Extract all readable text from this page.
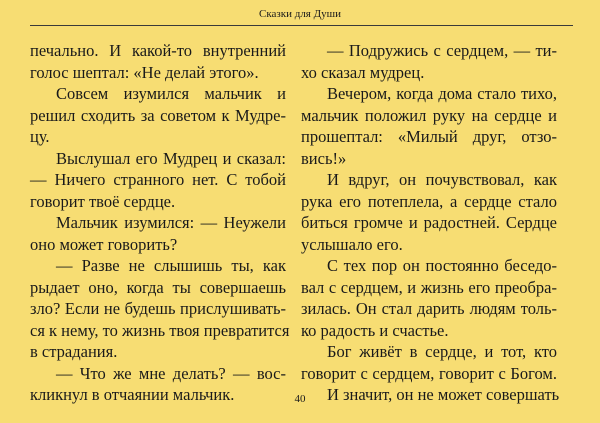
Сказки для Души
печально. И какой-то внутренний
голос шептал: «Не делай этого».
Совсем изумился мальчик и
решил сходить за советом к Мудре-
цу.
Выслушал его Мудрец и сказал:
— Ничего странного нет. С тобой
говорит твоё сердце.
Мальчик изумился: — Неужели
оно может говорить?
— Разве не слышишь ты, как
рыдает оно, когда ты совершаешь
зло? Если не будешь прислушивать-
ся к нему, то жизнь твоя превратится
в страдания.
— Что же мне делать? — вос-
кликнул в отчаянии мальчик.
— Подружись с сердцем, — ти-
хо сказал мудрец.
Вечером, когда дома стало тихо,
мальчик положил руку на сердце и
прошептал: «Милый друг, отзо-
вись!»
И вдруг, он почувствовал, как
рука его потеплела, а сердце стало
биться громче и радостней. Сердце
услышало его.
С тех пор он постоянно беседо-
вал с сердцем, и жизнь его преобра-
зилась. Он стал дарить людям толь-
ко радость и счастье.
Бог живёт в сердце, и тот, кто
говорит с сердцем, говорит с Богом.
И значит, он не может совершать
40
